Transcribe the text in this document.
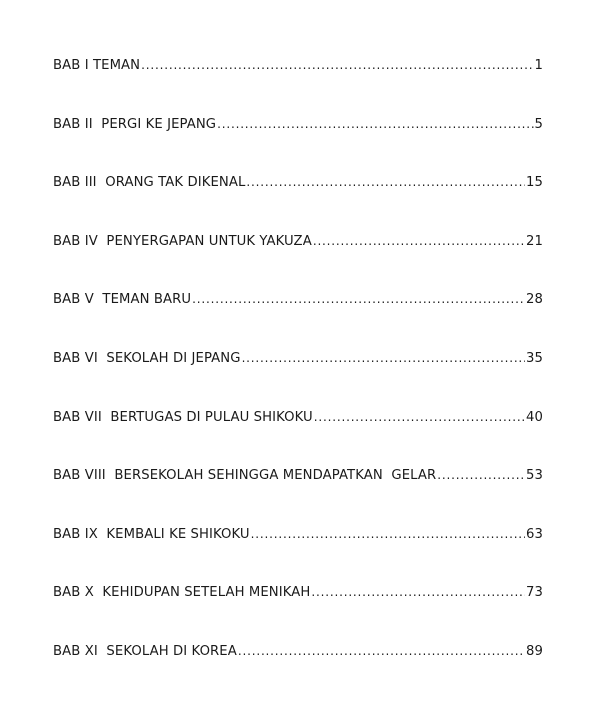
BAB I TEMAN .....	1
BAB II  PERGI KE JEPANG .....	5
BAB III  ORANG TAK DIKENAL .....	15
BAB IV  PENYERGAPAN UNTUK YAKUZA .....	21
BAB V  TEMAN BARU .....	28
BAB VI  SEKOLAH DI JEPANG .....	35
BAB VII  BERTUGAS DI PULAU SHIKOKU .....	40
BAB VIII  BERSEKOLAH SEHINGGA MENDAPATKAN  GELAR .....	53
BAB IX  KEMBALI KE SHIKOKU .....	63
BAB X  KEHIDUPAN SETELAH MENIKAH .....	73
BAB XI  SEKOLAH DI KOREA .....	89
